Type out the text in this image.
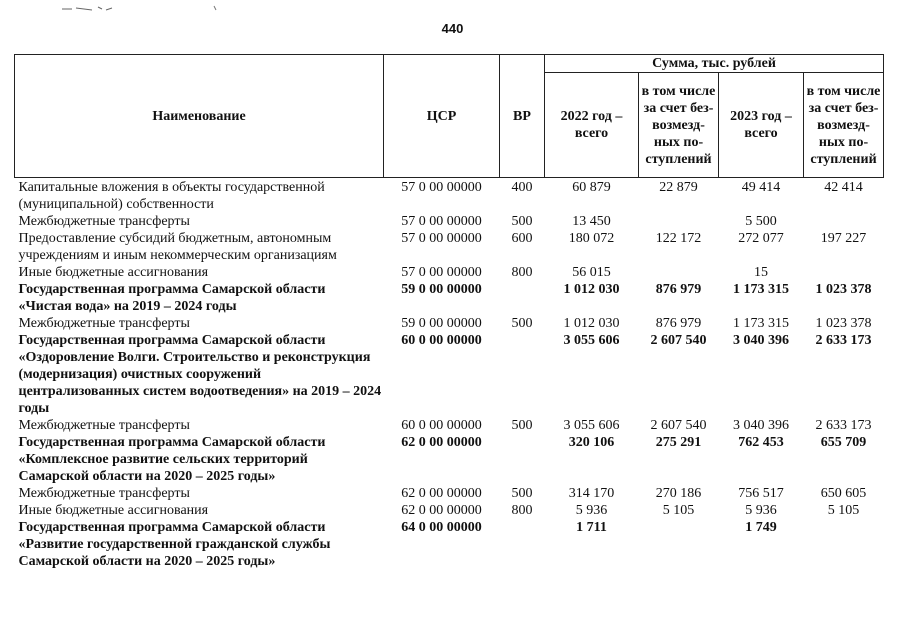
440
Наименование	ЦСР	ВР	Сумма, тыс. рублей			
			2022 год – всего	в том числе за счет без-возмезд-ных по-ступлений	2023 год – всего	в том числе за счет без-возмезд-ных по-ступлений
Капитальные вложения в объекты государственной (муниципальной) собственности	57 0 00 00000	400	60 879	22 879	49 414	42 414
Межбюджетные трансферты	57 0 00 00000	500	13 450		5 500	
Предоставление субсидий бюджетным, автономным учреждениям и иным некоммерческим организациям	57 0 00 00000	600	180 072	122 172	272 077	197 227
Иные бюджетные ассигнования	57 0 00 00000	800	56 015		15	
Государственная программа Самарской области «Чистая вода» на 2019 – 2024 годы	59 0 00 00000		1 012 030	876 979	1 173 315	1 023 378
Межбюджетные трансферты	59 0 00 00000	500	1 012 030	876 979	1 173 315	1 023 378
Государственная программа Самарской области «Оздоровление Волги. Строительство и реконструкция (модернизация) очистных сооружений централизованных систем водоотведения» на 2019 – 2024 годы	60 0 00 00000		3 055 606	2 607 540	3 040 396	2 633 173
Межбюджетные трансферты	60 0 00 00000	500	3 055 606	2 607 540	3 040 396	2 633 173
Государственная программа Самарской области «Комплексное развитие сельских территорий Самарской области на 2020 – 2025 годы»	62 0 00 00000		320 106	275 291	762 453	655 709
Межбюджетные трансферты	62 0 00 00000	500	314 170	270 186	756 517	650 605
Иные бюджетные ассигнования	62 0 00 00000	800	5 936	5 105	5 936	5 105
Государственная программа Самарской области «Развитие государственной гражданской службы Самарской области на 2020 – 2025 годы»	64 0 00 00000		1 711		1 749	
